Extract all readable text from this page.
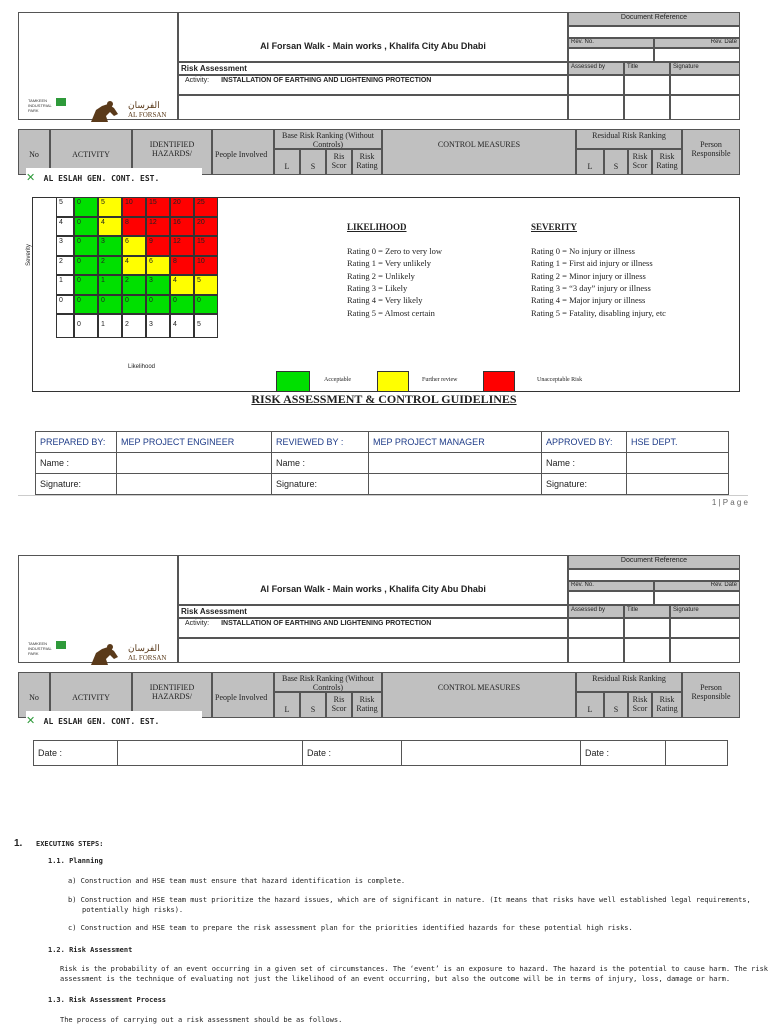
Al Forsan Walk - Main works , Khalifa City Abu Dhabi
Document Reference
Rev. No.	Rev. Date
Risk Assessment
Activity: INSTALLATION OF EARTHING AND LIGHTENING PROTECTION
Assessed by	Title	Signature
TAMKEEN INDUSTRIAL PARK
الفرسان
AL FORSAN
No	ACTIVITY
IDENTIFIED HAZARDS/	People Involved
Base Risk Ranking (Without Controls)
L	S
Ris Scor
Risk Rating
CONTROL MEASURES
Residual Risk Ranking
L	S
Risk Scor
Risk Rating
Person Responsible
✕ AL ESLAH GEN. CONT. EST.
Severity
5	0	5	10	15	20	25
4	0	4	8	12	16	20
3	0	3	6	9	12	15
2	0	2	4	6	8	10
1	0	1	2	3	4	5
0	0	0	0	0	0	0
0	1	2	3	4	5
Likelihood
LIKELIHOOD
Rating 0 = Zero to very low
Rating 1 = Very unlikely
Rating 2 = Unlikely
Rating 3 = Likely
Rating 4 = Very likely
Rating 5 = Almost certain
SEVERITY
Rating 0 = No injury or illness
Rating 1 = First aid injury or illness
Rating 2 = Minor injury or illness
Rating 3 = “3 day” injury or illness
Rating 4 = Major injury or illness
Rating 5 = Fatality, disabling injury, etc
Acceptable	Further review	Unacceptable Risk
RISK ASSESSMENT & CONTROL GUIDELINES
PREPARED BY:	MEP PROJECT ENGINEER	REVIEWED BY :	MEP PROJECT MANAGER	APPROVED BY:	HSE DEPT.
Name :		Name :		Name :	
Signature:		Signature:		Signature:	
1 | P a g e
Al Forsan Walk - Main works , Khalifa City Abu Dhabi
Document Reference
Rev. No.	Rev. Date
Risk Assessment
Activity: INSTALLATION OF EARTHING AND LIGHTENING PROTECTION
Assessed by	Title	Signature
TAMKEEN INDUSTRIAL PARK
الفرسان
AL FORSAN
No	ACTIVITY
IDENTIFIED HAZARDS/	People Involved
Base Risk Ranking (Without Controls)
L	S
Ris Scor
Risk Rating
CONTROL MEASURES
Residual Risk Ranking
L	S
Risk Scor
Risk Rating
Person Responsible
✕ AL ESLAH GEN. CONT. EST.
Date :		Date :		Date :	
1. EXECUTING STEPS:
1.1. Planning
a) Construction and HSE team must ensure that hazard identification is complete.
b) Construction and HSE team must prioritize the hazard issues, which are of significant in nature. (It means that risks have well established legal requirements,
potentially high risks).
c) Construction and HSE team to prepare the risk assessment plan for the priorities identified hazards for these potential high risks.
1.2. Risk Assessment
Risk is the probability of an event occurring in a given set of circumstances. The ‘event’ is an exposure to hazard. The hazard is the potential to cause harm. The risk
assessment is the technique of evaluating not just the likelihood of an event occurring, but also the outcome will be in terms of injury, loss, damage or harm.
1.3. Risk Assessment Process
The process of carrying out a risk assessment should be as follows.
